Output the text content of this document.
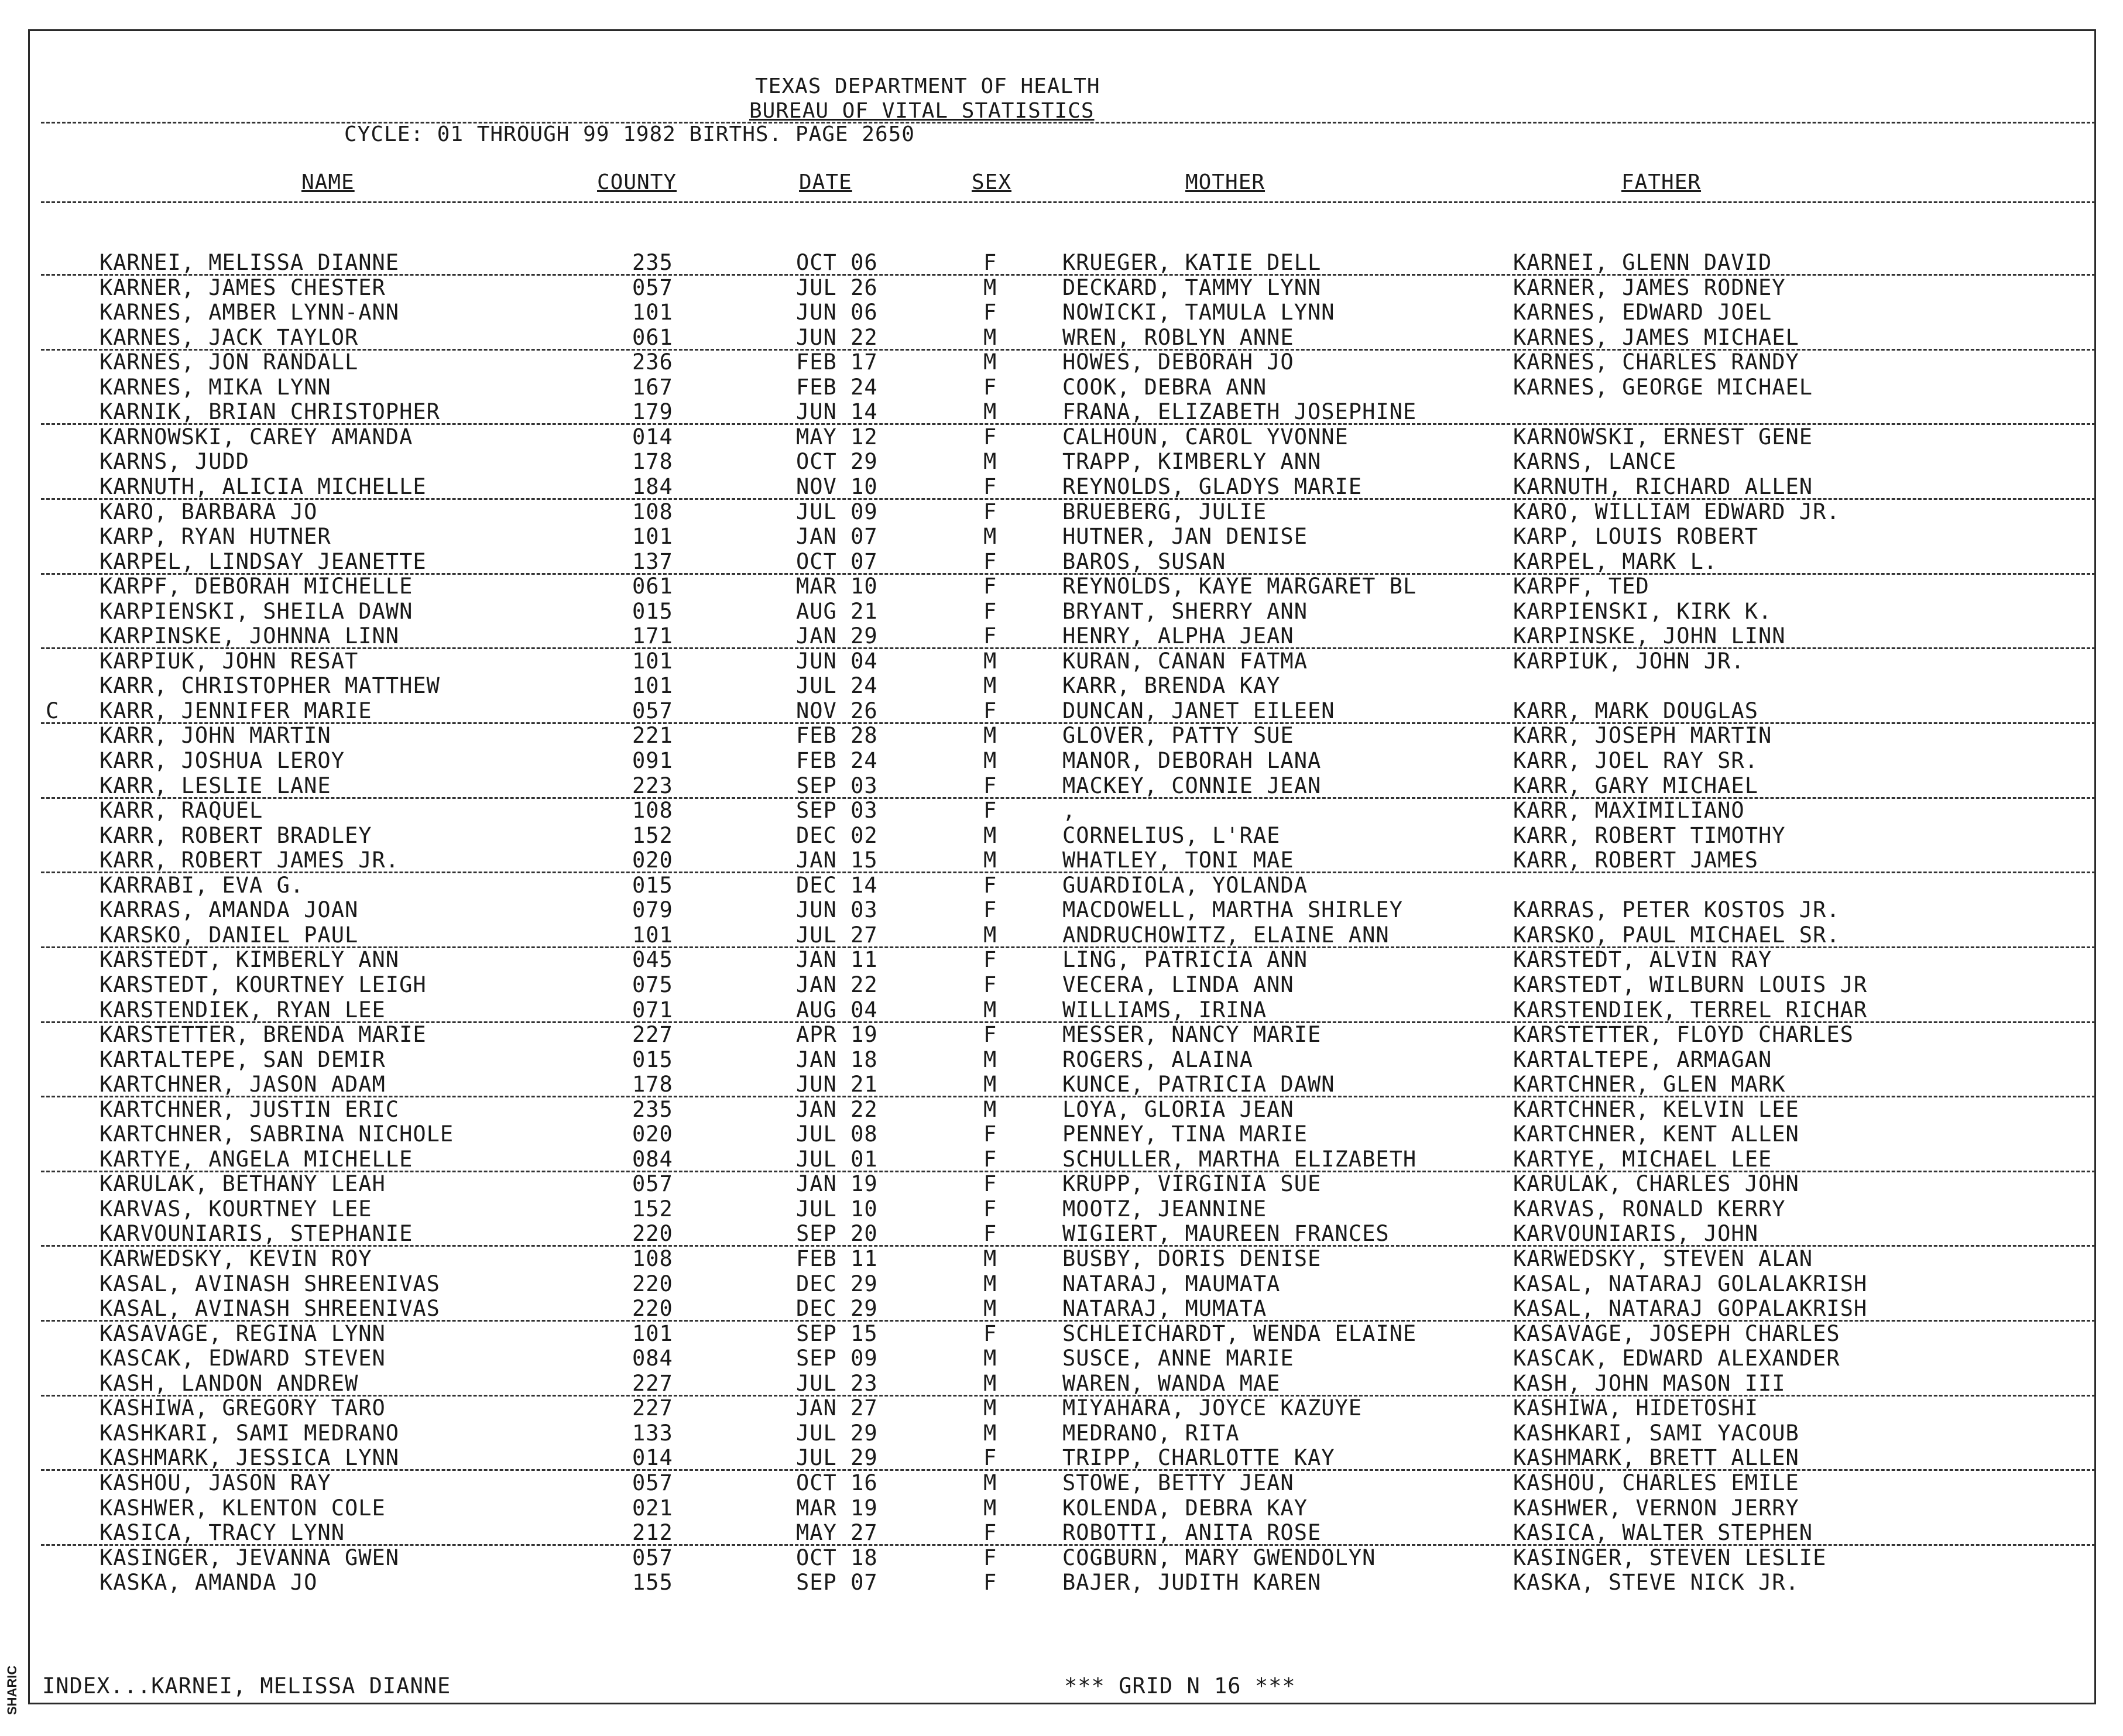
TEXAS DEPARTMENT OF HEALTH
BUREAU OF VITAL STATISTICS
CYCLE: 01 THROUGH 99 1982 BIRTHS. PAGE 2650
NAME	COUNTY	DATE	SEX	MOTHER	FATHER
KARNEI, MELISSA DIANNE	235	OCT 06	F	KRUEGER, KATIE DELL	KARNEI, GLENN DAVID
KARNER, JAMES CHESTER	057	JUL 26	M	DECKARD, TAMMY LYNN	KARNER, JAMES RODNEY
KARNES, AMBER LYNN-ANN	101	JUN 06	F	NOWICKI, TAMULA LYNN	KARNES, EDWARD JOEL
KARNES, JACK TAYLOR	061	JUN 22	M	WREN, ROBLYN ANNE	KARNES, JAMES MICHAEL
KARNES, JON RANDALL	236	FEB 17	M	HOWES, DEBORAH JO	KARNES, CHARLES RANDY
KARNES, MIKA LYNN	167	FEB 24	F	COOK, DEBRA ANN	KARNES, GEORGE MICHAEL
KARNIK, BRIAN CHRISTOPHER	179	JUN 14	M	FRANA, ELIZABETH JOSEPHINE
KARNOWSKI, CAREY AMANDA	014	MAY 12	F	CALHOUN, CAROL YVONNE	KARNOWSKI, ERNEST GENE
KARNS, JUDD	178	OCT 29	M	TRAPP, KIMBERLY ANN	KARNS, LANCE
KARNUTH, ALICIA MICHELLE	184	NOV 10	F	REYNOLDS, GLADYS MARIE	KARNUTH, RICHARD ALLEN
KARO, BARBARA JO	108	JUL 09	F	BRUEBERG, JULIE	KARO, WILLIAM EDWARD JR.
KARP, RYAN HUTNER	101	JAN 07	M	HUTNER, JAN DENISE	KARP, LOUIS ROBERT
KARPEL, LINDSAY JEANETTE	137	OCT 07	F	BAROS, SUSAN	KARPEL, MARK L.
KARPF, DEBORAH MICHELLE	061	MAR 10	F	REYNOLDS, KAYE MARGARET BL	KARPF, TED
KARPIENSKI, SHEILA DAWN	015	AUG 21	F	BRYANT, SHERRY ANN	KARPIENSKI, KIRK K.
KARPINSKE, JOHNNA LINN	171	JAN 29	F	HENRY, ALPHA JEAN	KARPINSKE, JOHN LINN
KARPIUK, JOHN RESAT	101	JUN 04	M	KURAN, CANAN FATMA	KARPIUK, JOHN JR.
KARR, CHRISTOPHER MATTHEW	101	JUL 24	M	KARR, BRENDA KAY
C KARR, JENNIFER MARIE	057	NOV 26	F	DUNCAN, JANET EILEEN	KARR, MARK DOUGLAS
KARR, JOHN MARTIN	221	FEB 28	M	GLOVER, PATTY SUE	KARR, JOSEPH MARTIN
KARR, JOSHUA LEROY	091	FEB 24	M	MANOR, DEBORAH LANA	KARR, JOEL RAY SR.
KARR, LESLIE LANE	223	SEP 03	F	MACKEY, CONNIE JEAN	KARR, GARY MICHAEL
KARR, RAQUEL	108	SEP 03	F	,	KARR, MAXIMILIANO
KARR, ROBERT BRADLEY	152	DEC 02	M	CORNELIUS, L'RAE	KARR, ROBERT TIMOTHY
KARR, ROBERT JAMES JR.	020	JAN 15	M	WHATLEY, TONI MAE	KARR, ROBERT JAMES
KARRABI, EVA G.	015	DEC 14	F	GUARDIOLA, YOLANDA
KARRAS, AMANDA JOAN	079	JUN 03	F	MACDOWELL, MARTHA SHIRLEY	KARRAS, PETER KOSTOS JR.
KARSKO, DANIEL PAUL	101	JUL 27	M	ANDRUCHOWITZ, ELAINE ANN	KARSKO, PAUL MICHAEL SR.
KARSTEDT, KIMBERLY ANN	045	JAN 11	F	LING, PATRICIA ANN	KARSTEDT, ALVIN RAY
KARSTEDT, KOURTNEY LEIGH	075	JAN 22	F	VECERA, LINDA ANN	KARSTEDT, WILBURN LOUIS JR
KARSTENDIEK, RYAN LEE	071	AUG 04	M	WILLIAMS, IRINA	KARSTENDIEK, TERREL RICHAR
KARSTETTER, BRENDA MARIE	227	APR 19	F	MESSER, NANCY MARIE	KARSTETTER, FLOYD CHARLES
KARTALTEPE, SAN DEMIR	015	JAN 18	M	ROGERS, ALAINA	KARTALTEPE, ARMAGAN
KARTCHNER, JASON ADAM	178	JUN 21	M	KUNCE, PATRICIA DAWN	KARTCHNER, GLEN MARK
KARTCHNER, JUSTIN ERIC	235	JAN 22	M	LOYA, GLORIA JEAN	KARTCHNER, KELVIN LEE
KARTCHNER, SABRINA NICHOLE	020	JUL 08	F	PENNEY, TINA MARIE	KARTCHNER, KENT ALLEN
KARTYE, ANGELA MICHELLE	084	JUL 01	F	SCHULLER, MARTHA ELIZABETH	KARTYE, MICHAEL LEE
KARULAK, BETHANY LEAH	057	JAN 19	F	KRUPP, VIRGINIA SUE	KARULAK, CHARLES JOHN
KARVAS, KOURTNEY LEE	152	JUL 10	F	MOOTZ, JEANNINE	KARVAS, RONALD KERRY
KARVOUNIARIS, STEPHANIE	220	SEP 20	F	WIGIERT, MAUREEN FRANCES	KARVOUNIARIS, JOHN
KARWEDSKY, KEVIN ROY	108	FEB 11	M	BUSBY, DORIS DENISE	KARWEDSKY, STEVEN ALAN
KASAL, AVINASH SHREENIVAS	220	DEC 29	M	NATARAJ, MAUMATA	KASAL, NATARAJ GOLALAKRISH
KASAL, AVINASH SHREENIVAS	220	DEC 29	M	NATARAJ, MUMATA	KASAL, NATARAJ GOPALAKRISH
KASAVAGE, REGINA LYNN	101	SEP 15	F	SCHLEICHARDT, WENDA ELAINE	KASAVAGE, JOSEPH CHARLES
KASCAK, EDWARD STEVEN	084	SEP 09	M	SUSCE, ANNE MARIE	KASCAK, EDWARD ALEXANDER
KASH, LANDON ANDREW	227	JUL 23	M	WAREN, WANDA MAE	KASH, JOHN MASON III
KASHIWA, GREGORY TARO	227	JAN 27	M	MIYAHARA, JOYCE KAZUYE	KASHIWA, HIDETOSHI
KASHKARI, SAMI MEDRANO	133	JUL 29	M	MEDRANO, RITA	KASHKARI, SAMI YACOUB
KASHMARK, JESSICA LYNN	014	JUL 29	F	TRIPP, CHARLOTTE KAY	KASHMARK, BRETT ALLEN
KASHOU, JASON RAY	057	OCT 16	M	STOWE, BETTY JEAN	KASHOU, CHARLES EMILE
KASHWER, KLENTON COLE	021	MAR 19	M	KOLENDA, DEBRA KAY	KASHWER, VERNON JERRY
KASICA, TRACY LYNN	212	MAY 27	F	ROBOTTI, ANITA ROSE	KASICA, WALTER STEPHEN
KASINGER, JEVANNA GWEN	057	OCT 18	F	COGBURN, MARY GWENDOLYN	KASINGER, STEVEN LESLIE
KASKA, AMANDA JO	155	SEP 07	F	BAJER, JUDITH KAREN	KASKA, STEVE NICK JR.
INDEX...KARNEI, MELISSA DIANNE	*** GRID N 16 ***
SHARIC
